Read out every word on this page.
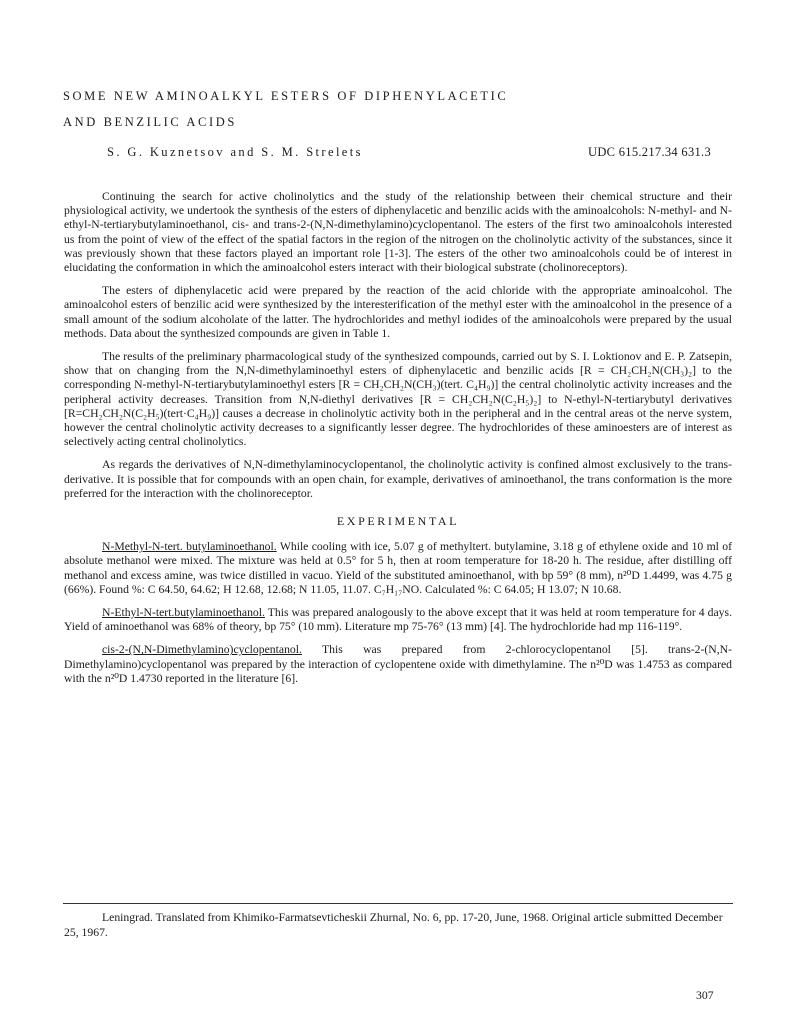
SOME NEW AMINOALKYL ESTERS OF DIPHENYLACETIC
AND BENZILIC ACIDS
S. G. Kuznetsov and S. M. Strelets	UDC 615.217.34 631.3

Continuing the search for active cholinolytics and the study of the relationship between their chemical structure and their physiological activity, we undertook the synthesis of the esters of diphenylacetic and benzilic acids with the aminoalcohols: N-methyl- and N-ethyl-N-tertiarybutylaminoethanol, cis- and trans-2-(N,N-dimethylamino)cyclopentanol. The esters of the first two aminoalcohols interested us from the point of view of the effect of the spatial factors in the region of the nitrogen on the cholinolytic activity of the substances, since it was previously shown that these factors played an important role [1-3]. The esters of the other two aminoalcohols could be of interest in elucidating the conformation in which the aminoalcohol esters interact with their biological substrate (cholinoreceptors).

The esters of diphenylacetic acid were prepared by the reaction of the acid chloride with the appropriate aminoalcohol. The aminoalcohol esters of benzilic acid were synthesized by the interesterification of the methyl ester with the aminoalcohol in the presence of a small amount of the sodium alcoholate of the latter. The hydrochlorides and methyl iodides of the aminoalcohols were prepared by the usual methods. Data about the synthesized compounds are given in Table 1.

The results of the preliminary pharmacological study of the synthesized compounds, carried out by S. I. Loktionov and E. P. Zatsepin, show that on changing from the N,N-dimethylaminoethyl esters of diphenylacetic and benzilic acids [R = CH₂CH₂N(CH₃)₂] to the corresponding N-methyl-N-tertiarybutylaminoethyl esters [R = CH₂CH₂N(CH₃)(tert. C₄H₉)] the central cholinolytic activity increases and the peripheral activity decreases. Transition from N,N-diethyl derivatives [R = CH₂CH₂N(C₂H₅)₂] to N-ethyl-N-tertiarybutyl derivatives [R=CH₂CH₂N(C₂H₅)(tert·C₄H₉)] causes a decrease in cholinolytic activity both in the peripheral and in the central areas ot the nerve system, however the central cholinolytic activity decreases to a significantly lesser degree. The hydrochlorides of these aminoesters are of interest as selectively acting central cholinolytics.

As regards the derivatives of N,N-dimethylaminocyclopentanol, the cholinolytic activity is confined almost exclusively to the trans-derivative. It is possible that for compounds with an open chain, for example, derivatives of aminoethanol, the trans conformation is the more preferred for the interaction with the cholinoreceptor.

EXPERIMENTAL

N-Methyl-N-tert. butylaminoethanol. While cooling with ice, 5.07 g of methyltert. butylamine, 3.18 g of ethylene oxide and 10 ml of absolute methanol were mixed. The mixture was held at 0.5° for 5 h, then at room temperature for 18-20 h. The residue, after distilling off methanol and excess amine, was twice distilled in vacuo. Yield of the substituted aminoethanol, with bp 59° (8 mm), n²⁰D 1.4499, was 4.75 g (66%). Found %: C 64.50, 64.62; H 12.68, 12.68; N 11.05, 11.07. C₇H₁₇NO. Calculated %: C 64.05; H 13.07; N 10.68.

N-Ethyl-N-tert.butylaminoethanol. This was prepared analogously to the above except that it was held at room temperature for 4 days. Yield of aminoethanol was 68% of theory, bp 75° (10 mm). Literature mp 75-76° (13 mm) [4]. The hydrochloride had mp 116-119°.

cis-2-(N,N-Dimethylamino)cyclopentanol. This was prepared from 2-chlorocyclopentanol [5]. trans-2-(N,N-Dimethylamino)cyclopentanol was prepared by the interaction of cyclopentene oxide with dimethylamine. The n²⁰D was 1.4753 as compared with the n²⁰D 1.4730 reported in the literature [6].

Leningrad. Translated from Khimiko-Farmatsevticheskii Zhurnal, No. 6, pp. 17-20, June, 1968. Original article submitted December 25, 1967.

307
